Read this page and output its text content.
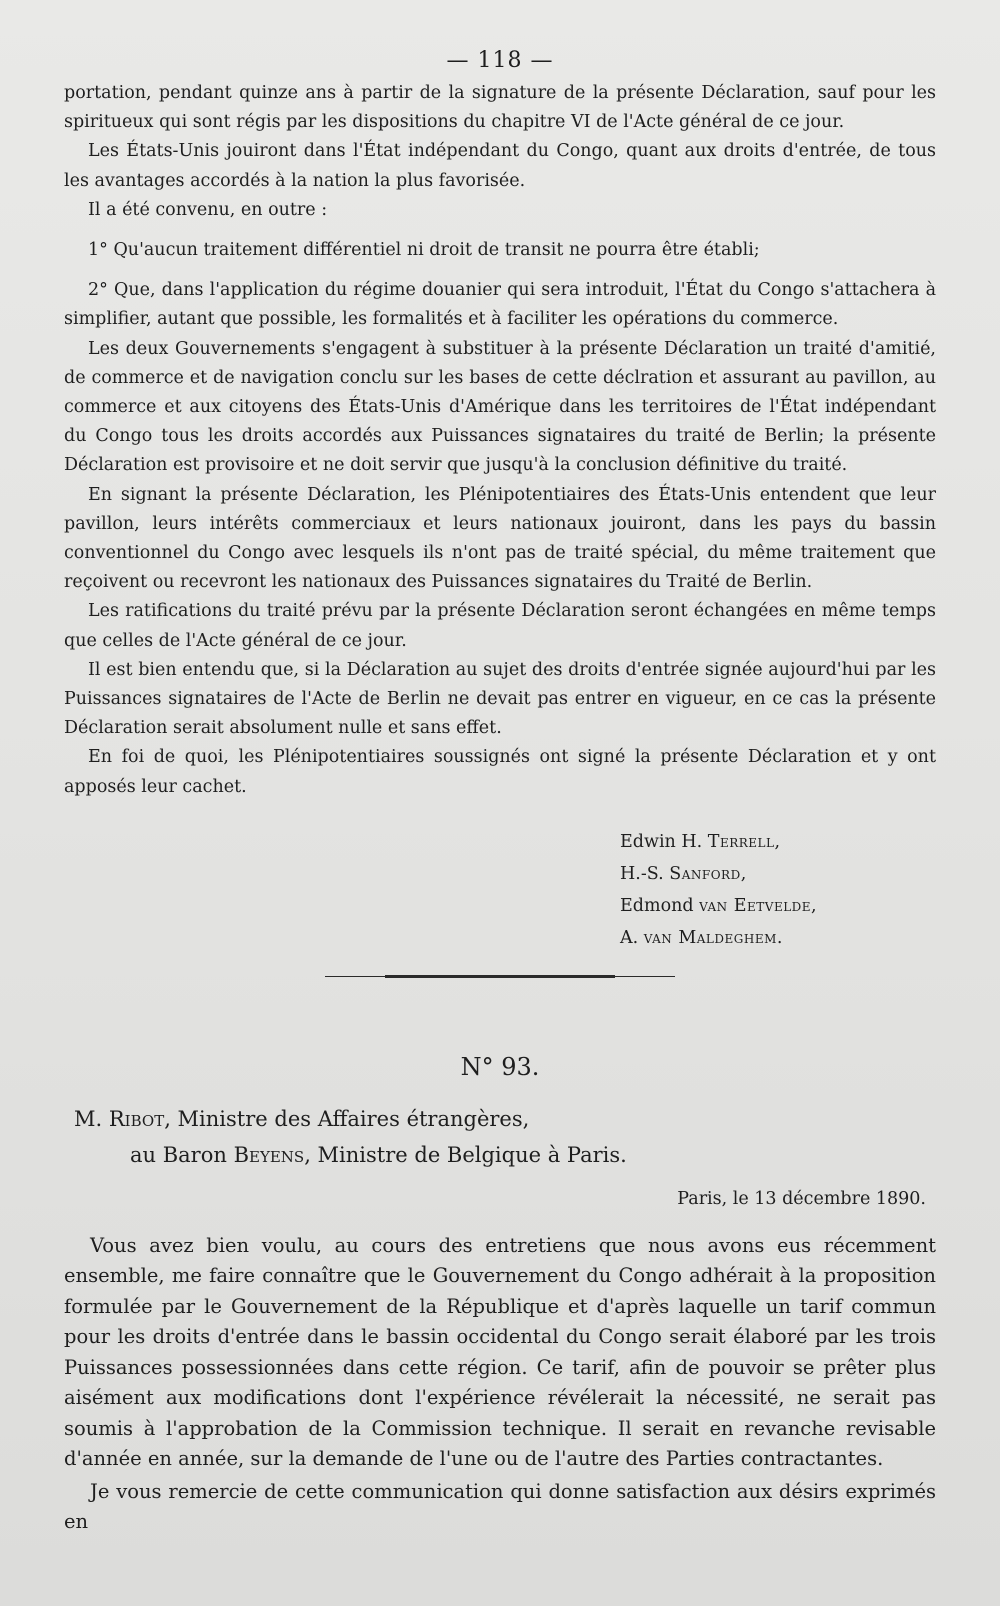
— 118 —

portation, pendant quinze ans à partir de la signature de la présente Déclaration, sauf pour les spiritueux qui sont régis par les dispositions du chapitre VI de l'Acte général de ce jour.

Les États-Unis jouiront dans l'État indépendant du Congo, quant aux droits d'entrée, de tous les avantages accordés à la nation la plus favorisée.

Il a été convenu, en outre :

1° Qu'aucun traitement différentiel ni droit de transit ne pourra être établi;

2° Que, dans l'application du régime douanier qui sera introduit, l'État du Congo s'attachera à simplifier, autant que possible, les formalités et à faciliter les opérations du commerce.

Les deux Gouvernements s'engagent à substituer à la présente Déclaration un traité d'amitié, de commerce et de navigation conclu sur les bases de cette déclration et assurant au pavillon, au commerce et aux citoyens des États-Unis d'Amérique dans les territoires de l'État indépendant du Congo tous les droits accordés aux Puissances signataires du traité de Berlin; la présente Déclaration est provisoire et ne doit servir que jusqu'à la conclusion définitive du traité.

En signant la présente Déclaration, les Plénipotentiaires des États-Unis entendent que leur pavillon, leurs intérêts commerciaux et leurs nationaux jouiront, dans les pays du bassin conventionnel du Congo avec lesquels ils n'ont pas de traité spécial, du même traitement que reçoivent ou recevront les nationaux des Puissances signataires du Traité de Berlin.

Les ratifications du traité prévu par la présente Déclaration seront échangées en même temps que celles de l'Acte général de ce jour.

Il est bien entendu que, si la Déclaration au sujet des droits d'entrée signée aujourd'hui par les Puissances signataires de l'Acte de Berlin ne devait pas entrer en vigueur, en ce cas la présente Déclaration serait absolument nulle et sans effet.

En foi de quoi, les Plénipotentiaires soussignés ont signé la présente Déclaration et y ont apposés leur cachet.

Edwin H. Terrell,
H.-S. Sanford,
Edmond van Eetvelde,
A. van Maldeghem.
N° 93.
M. Ribot, Ministre des Affaires étrangères,
au Baron Beyens, Ministre de Belgique à Paris.
Paris, le 13 décembre 1890.

Vous avez bien voulu, au cours des entretiens que nous avons eus récemment ensemble, me faire connaître que le Gouvernement du Congo adhérait à la proposition formulée par le Gouvernement de la République et d'après laquelle un tarif commun pour les droits d'entrée dans le bassin occidental du Congo serait élaboré par les trois Puissances possessionnées dans cette région. Ce tarif, afin de pouvoir se prêter plus aisément aux modifications dont l'expérience révélerait la nécessité, ne serait pas soumis à l'approbation de la Commission technique. Il serait en revanche revisable d'année en année, sur la demande de l'une ou de l'autre des Parties contractantes.

Je vous remercie de cette communication qui donne satisfaction aux désirs exprimés en
